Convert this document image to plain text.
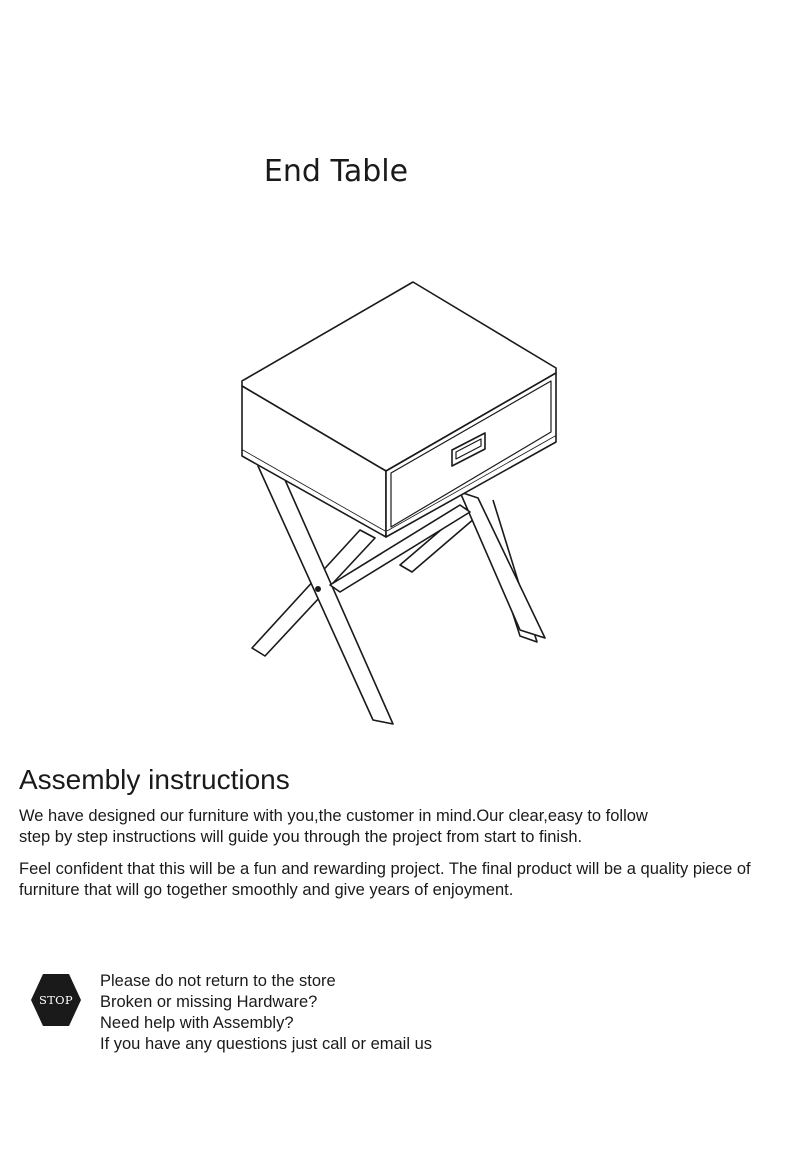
End Table
Assembly instructions

We have designed our furniture with you,the customer in mind.Our clear,easy to follow
step by step instructions will guide you through the project from start to finish.

Feel confident that this will be a fun and rewarding project. The final product will be a quality piece of
furniture that will go together smoothly and give years of enjoyment.

STOP
Please do not return to the store
Broken or missing Hardware?
Need help with Assembly?
If you have any questions just call or email us
